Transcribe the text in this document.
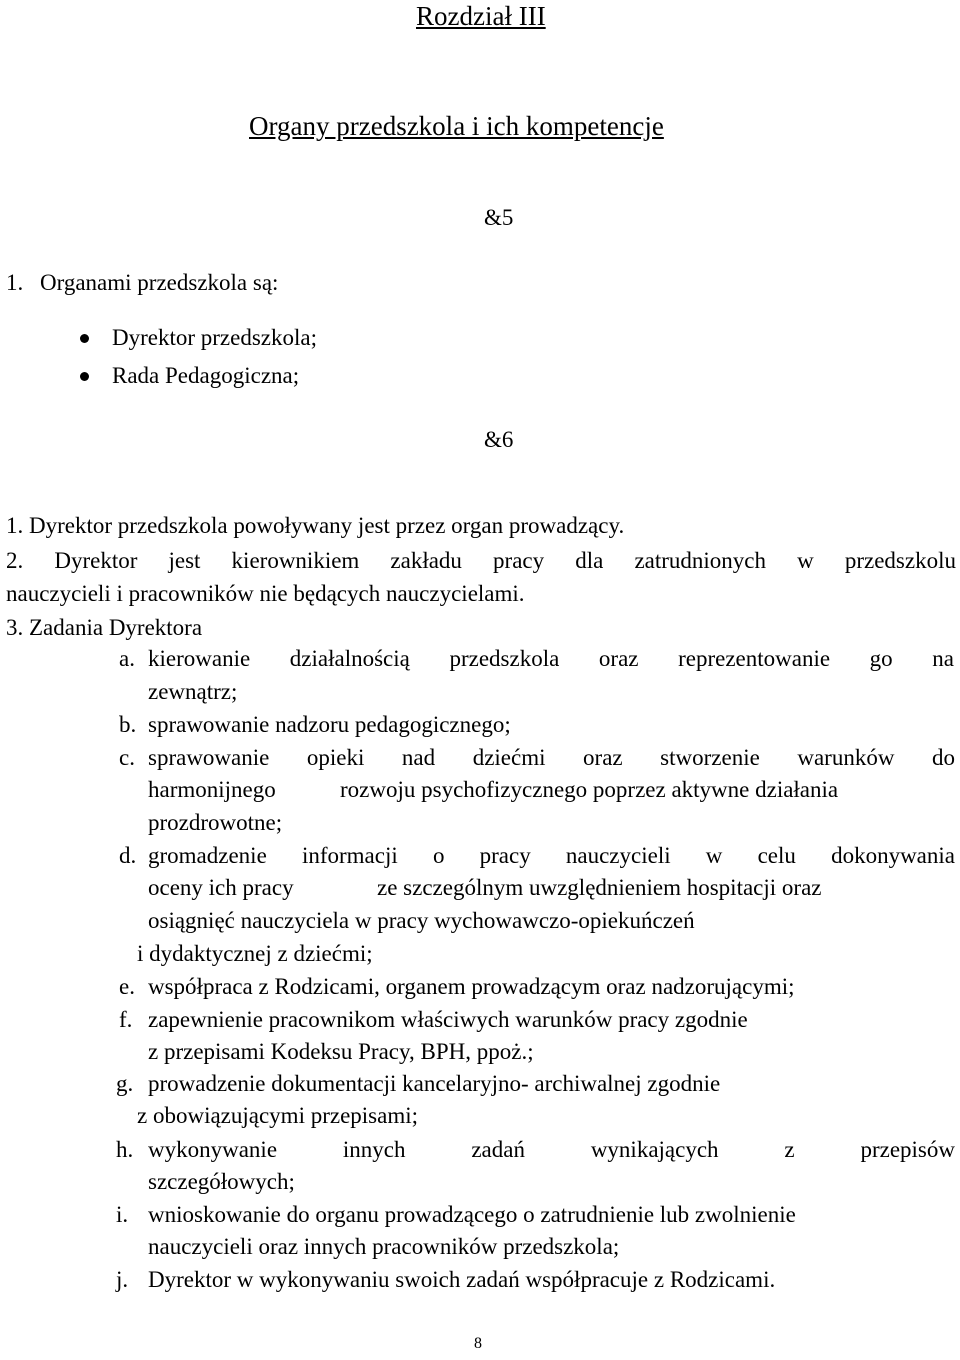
Rozdział III
Organy przedszkola i ich kompetencje
&5
1. Organami przedszkola są:
Dyrektor przedszkola;
Rada Pedagogiczna;
&6
1. Dyrektor przedszkola powoływany jest przez organ prowadzący.
2. Dyrektor jest kierownikiem zakładu pracy dla zatrudnionych w przedszkolu
nauczycieli i pracowników nie będących nauczycielami.
3. Zadania Dyrektora
a. kierowanie działalnością przedszkola oraz reprezentowanie go na
zewnątrz;
b. sprawowanie nadzoru pedagogicznego;
c. sprawowanie opieki nad dziećmi oraz stworzenie warunków do
harmonijnego	rozwoju psychofizycznego poprzez aktywne działania
prozdrowotne;
d. gromadzenie informacji o pracy nauczycieli w celu dokonywania
oceny ich pracy	ze szczególnym uwzględnieniem hospitacji oraz
osiągnięć nauczyciela w pracy wychowawczo-opiekuńczeń
i dydaktycznej z dziećmi;
e. współpraca z Rodzicami, organem prowadzącym oraz nadzorującymi;
f. zapewnienie pracownikom właściwych warunków pracy zgodnie
z przepisami Kodeksu Pracy, BPH, ppoż.;
g. prowadzenie dokumentacji kancelaryjno- archiwalnej zgodnie
z obowiązującymi przepisami;
h. wykonywanie innych zadań wynikających z przepisów
szczegółowych;
i. wnioskowanie do organu prowadzącego o zatrudnienie lub zwolnienie
nauczycieli oraz innych pracowników przedszkola;
j. Dyrektor w wykonywaniu swoich zadań współpracuje z Rodzicami.
8
